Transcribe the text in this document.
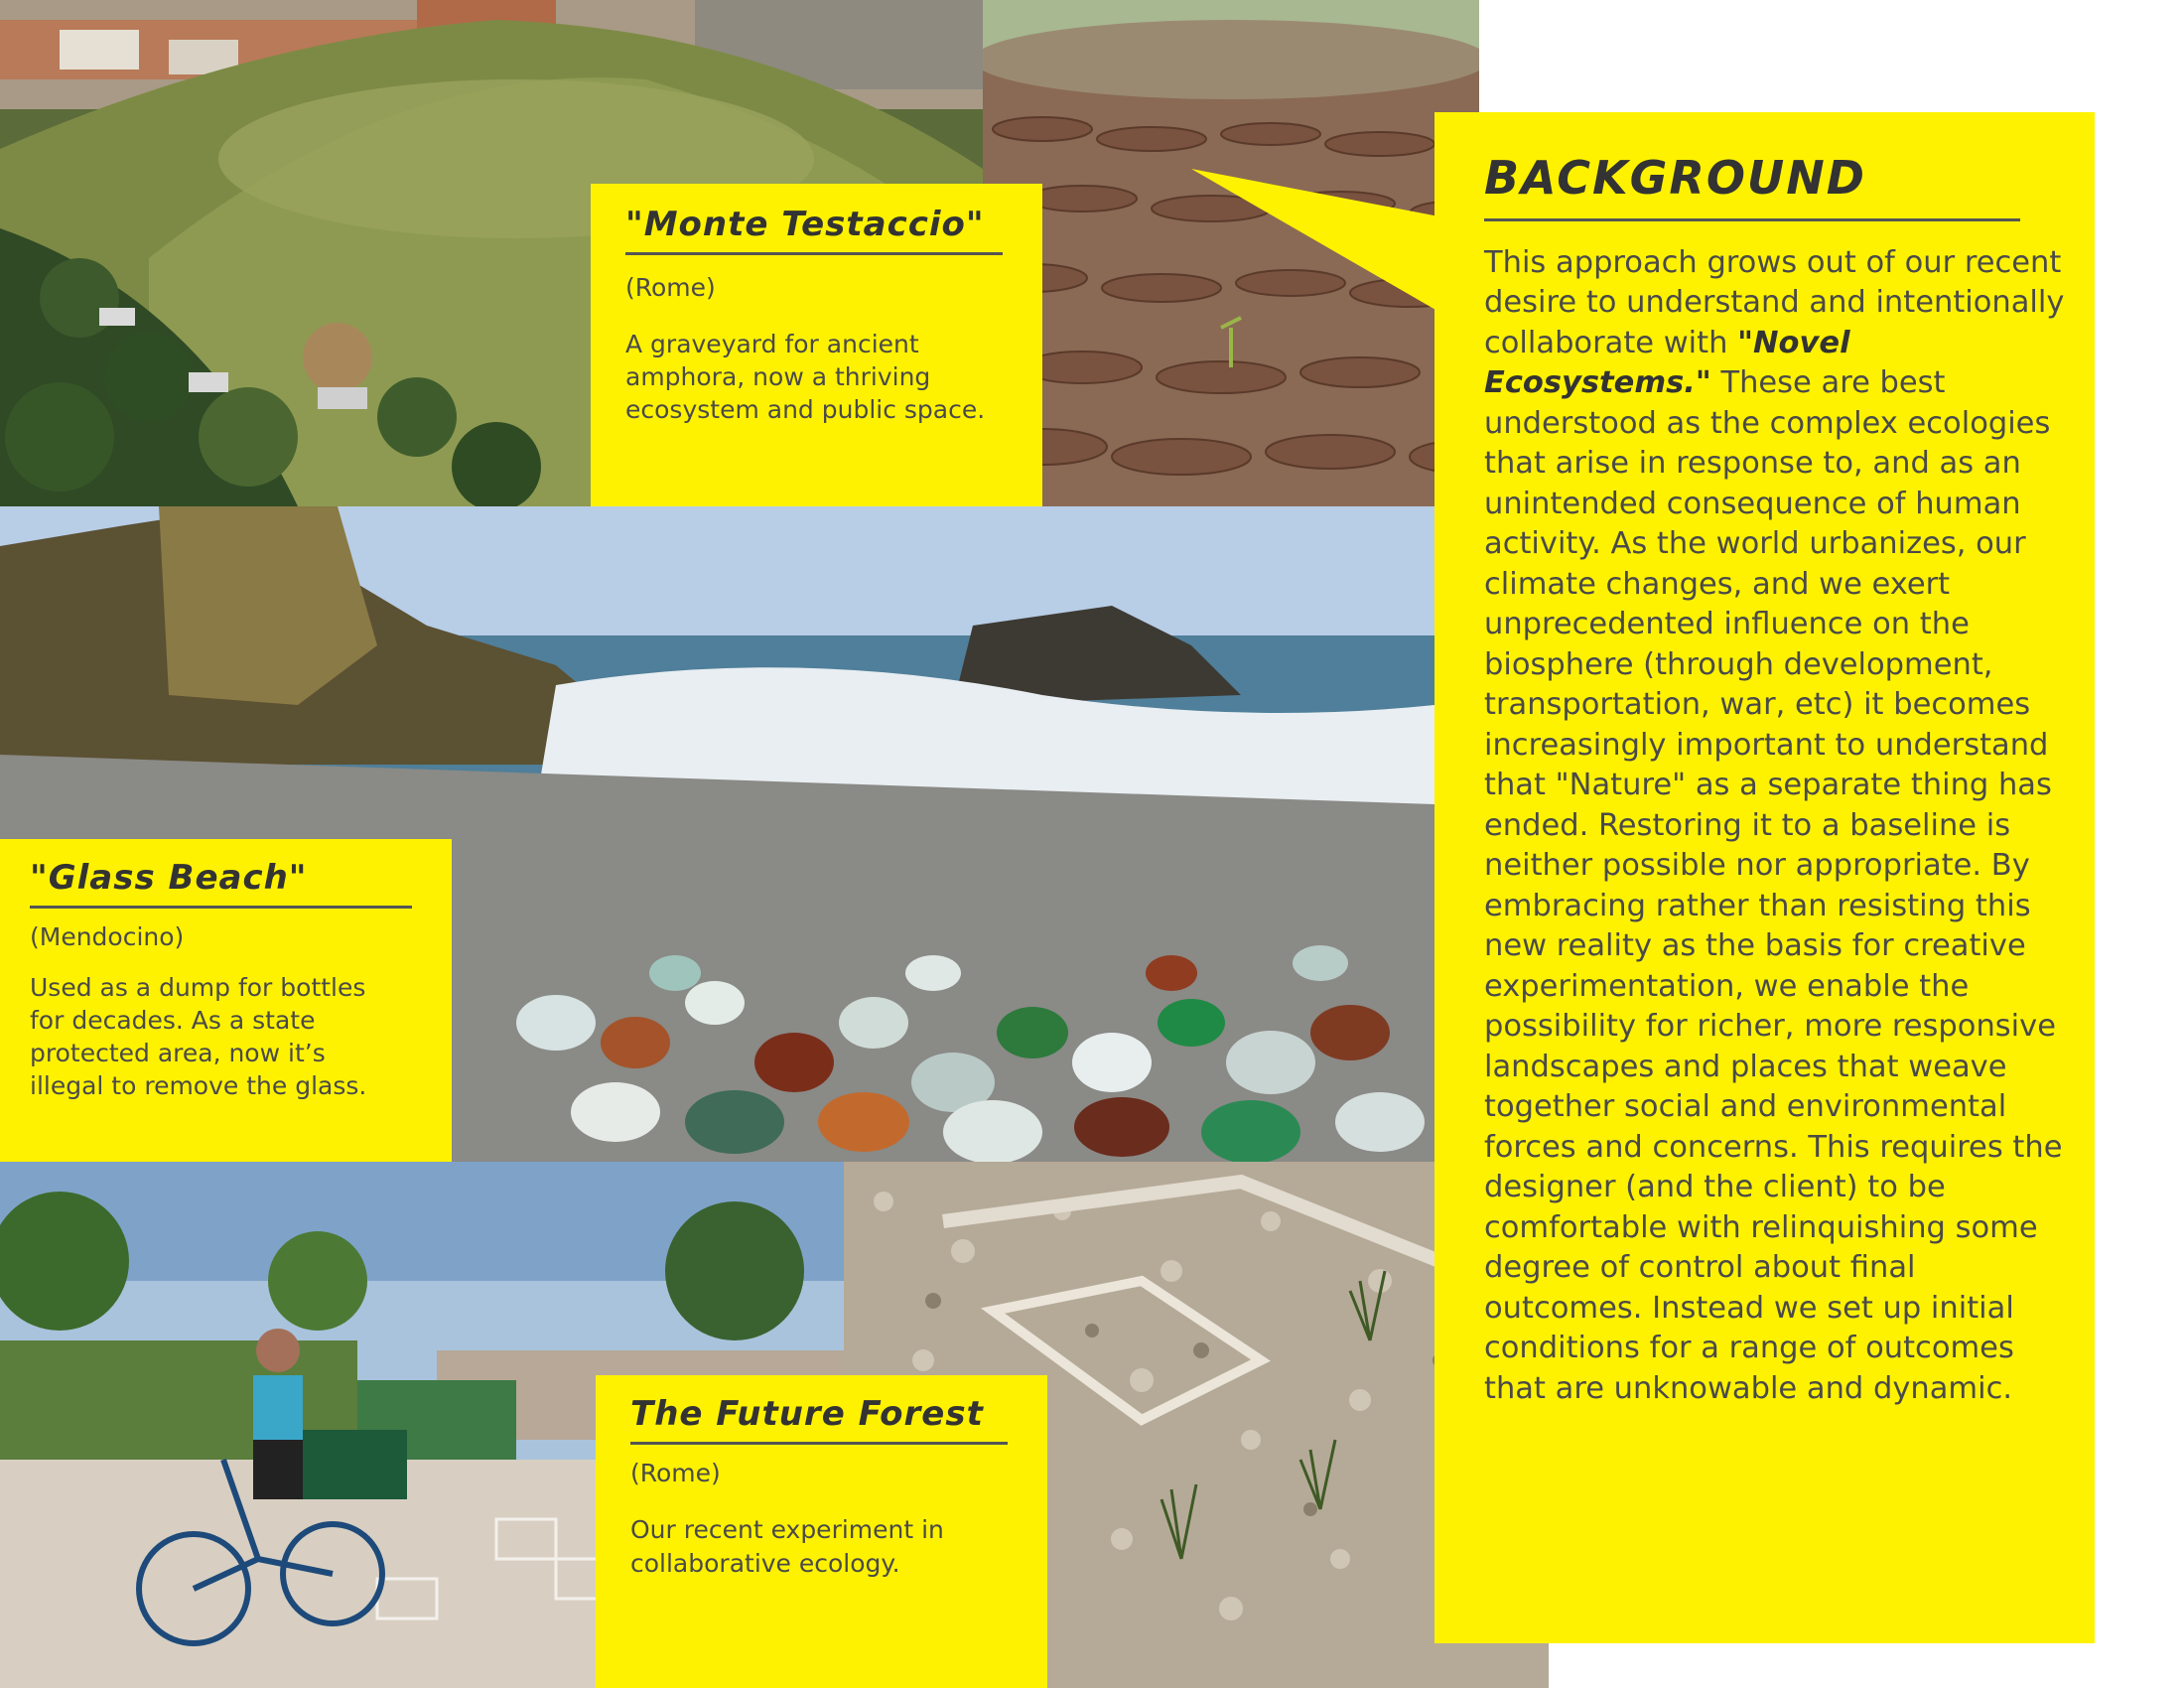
"Monte Testaccio"

(Rome)

A graveyard for ancient amphora, now a thriving ecosystem and public space.

"Glass Beach"

(Mendocino)

Used as a dump for bottles for decades. As a state protected area, now it’s illegal to remove the glass.

The Future Forest

(Rome)

Our recent experiment in collaborative ecology.

BACKGROUND
This approach grows out of our recent desire to understand and intentionally collaborate with "Novel Ecosystems." These are best understood as the complex ecologies that arise in response to, and as an unintended consequence of human activity. As the world urbanizes, our climate changes, and we exert unprecedented influence on the biosphere (through development, transportation, war, etc) it becomes increasingly important to understand that "Nature" as a separate thing has ended. Restoring it to a baseline is neither possible nor appropriate. By embracing rather than resisting this new reality as the basis for creative experimentation, we enable the possibility for richer, more responsive landscapes and places that weave together social and environmental forces and concerns. This requires the designer (and the client) to be comfortable with relinquishing some degree of control about final outcomes. Instead we set up initial conditions for a range of outcomes that are unknowable and dynamic.
